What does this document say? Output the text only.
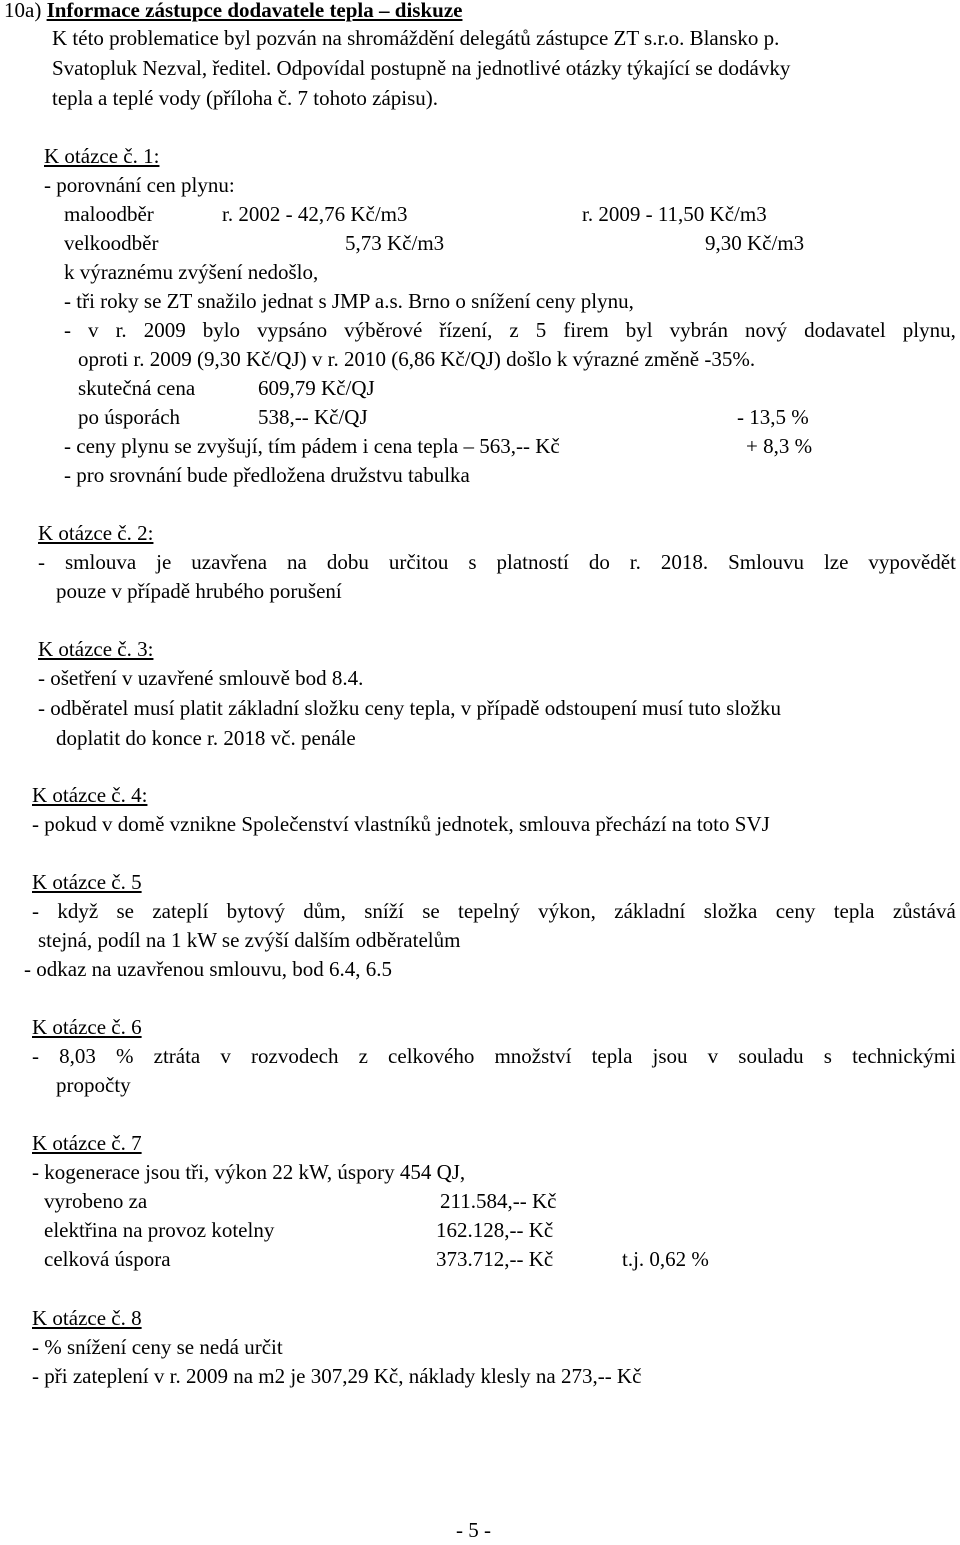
10a) Informace zástupce dodavatele tepla – diskuze
K této problematice byl pozván na shromáždění delegátů zástupce ZT s.r.o. Blansko p.
Svatopluk Nezval, ředitel. Odpovídal postupně na jednotlivé otázky týkající se dodávky
tepla a teplé vody (příloha č. 7 tohoto zápisu).
K otázce č. 1:
- porovnání cen plynu:
maloodběr	r. 2002 - 42,76 Kč/m3	r. 2009 - 11,50 Kč/m3
velkoodběr	5,73 Kč/m3	9,30 Kč/m3
k výraznému zvýšení nedošlo,
- tři roky se ZT snažilo jednat s JMP a.s. Brno o snížení ceny plynu,
- v r. 2009 bylo vypsáno výběrové řízení, z 5 firem byl vybrán nový dodavatel plynu,
oproti r. 2009 (9,30 Kč/QJ) v r. 2010 (6,86 Kč/QJ) došlo k výrazné změně -35%.
skutečná cena	609,79 Kč/QJ
po úsporách	538,-- Kč/QJ	- 13,5 %
- ceny plynu se zvyšují, tím pádem i cena tepla – 563,-- Kč	+ 8,3 %
- pro srovnání bude předložena družstvu tabulka
K otázce č. 2:
- smlouva je uzavřena na dobu určitou s platností do r. 2018. Smlouvu lze vypovědět
pouze v případě hrubého porušení
K otázce č. 3:
- ošetření v uzavřené smlouvě bod 8.4.
- odběratel musí platit základní složku ceny tepla, v případě odstoupení musí tuto složku
doplatit do konce r. 2018 vč. penále
K otázce č. 4:
- pokud v domě vznikne Společenství vlastníků jednotek, smlouva přechází na toto SVJ
K otázce č. 5
- když se zateplí bytový dům, sníží se tepelný výkon, základní složka ceny tepla zůstává
stejná, podíl na 1 kW se zvýší dalším odběratelům
- odkaz na uzavřenou smlouvu, bod 6.4, 6.5
K otázce č. 6
- 8,03 % ztráta v rozvodech z celkového množství tepla jsou v souladu s technickými
propočty
K otázce č. 7
- kogenerace jsou tři, výkon 22 kW, úspory 454 QJ,
vyrobeno za	211.584,-- Kč
elektřina na provoz kotelny	162.128,-- Kč
celková úspora	373.712,-- Kč	t.j. 0,62 %
K otázce č. 8
- % snížení ceny se nedá určit
- při zateplení v r. 2009 na m2 je 307,29 Kč, náklady klesly na 273,-- Kč
- 5 -
